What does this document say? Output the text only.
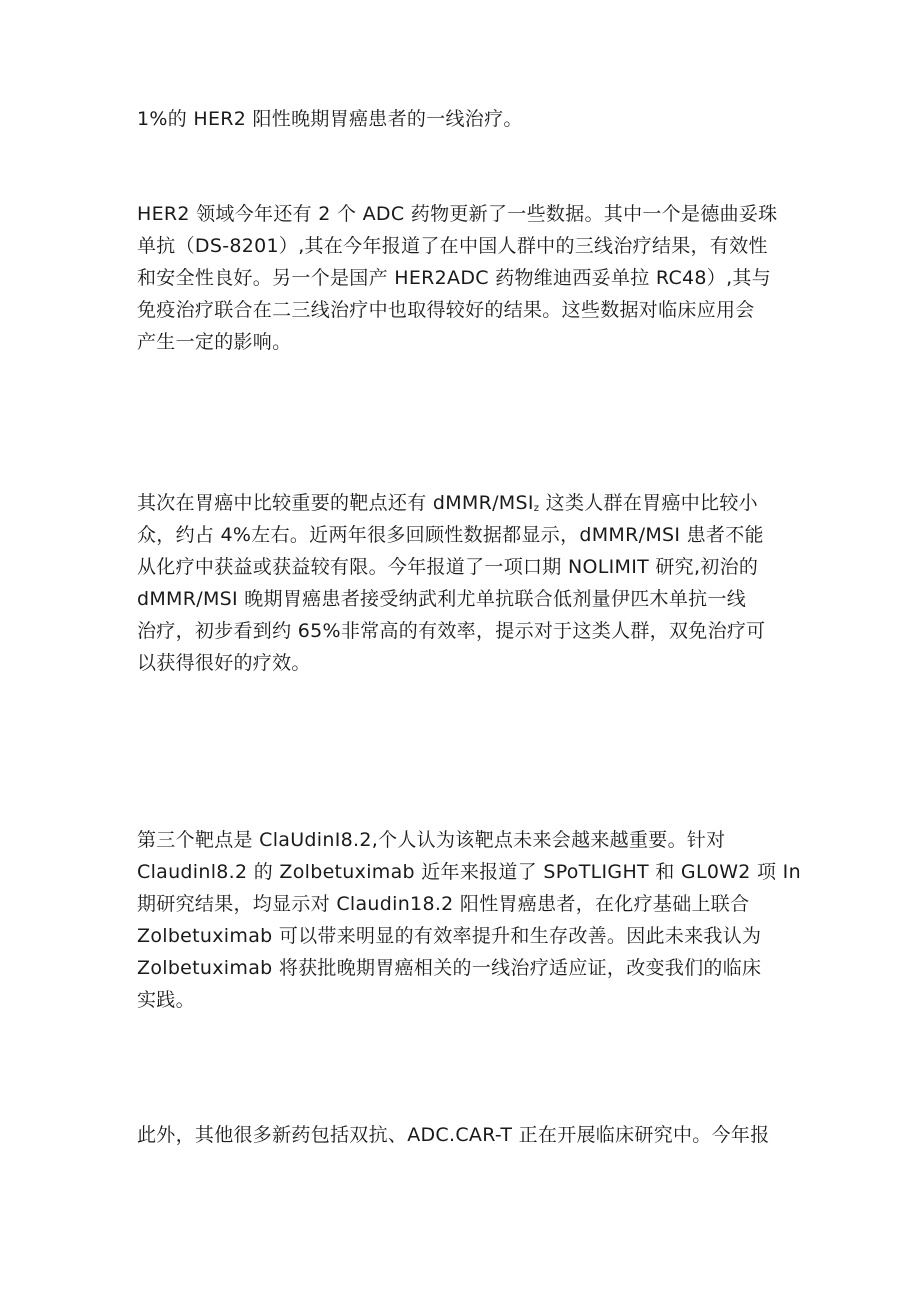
1%的 HER2 阳性晚期胃癌患者的一线治疗。

HER2 领域今年还有 2 个 ADC 药物更新了一些数据。其中一个是德曲妥珠
单抗（DS-8201）,其在今年报道了在中国人群中的三线治疗结果，有效性
和安全性良好。另一个是国产 HER2ADC 药物维迪西妥单拉 RC48）,其与
免疫治疗联合在二三线治疗中也取得较好的结果。这些数据对临床应用会
产生一定的影响。

其次在胃癌中比较重要的靶点还有 dMMR/$MSI_z$ 这类人群在胃癌中比较小
众，约占 4%左右。近两年很多回顾性数据都显示，dMMR/MSI 患者不能
从化疗中获益或获益较有限。今年报道了一项口期 NOLIMIT 研究,初治的
dMMR/MSI 晚期胃癌患者接受纳武利尤单抗联合低剂量伊匹木单抗一线
治疗，初步看到约 65%非常高的有效率，提示对于这类人群，双免治疗可
以获得很好的疗效。

第三个靶点是 ClaUdinI8.2,个人认为该靶点未来会越来越重要。针对
Claudinl8.2 的 Zolbetuximab 近年来报道了 SPoTLIGHT 和 GL0W2 项 In
期研究结果，均显示对 Claudin18.2 阳性胃癌患者，在化疗基础上联合
Zolbetuximab 可以带来明显的有效率提升和生存改善。因此未来我认为
Zolbetuximab 将获批晚期胃癌相关的一线治疗适应证，改变我们的临床
实践。

此外，其他很多新药包括双抗、ADC.CAR-T 正在开展临床研究中。今年报
